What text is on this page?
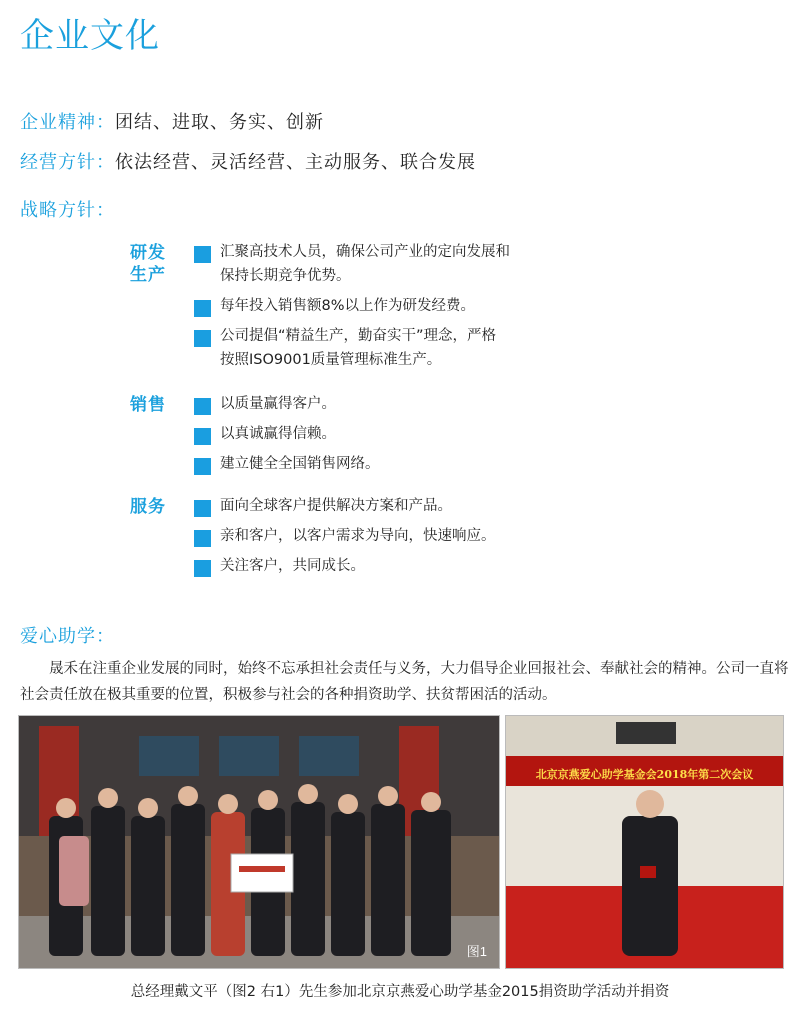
企业文化
企业精神：团结、进取、务实、创新
经营方针：依法经营、灵活经营、主动服务、联合发展
战略方针：
研发生产
汇聚高技术人员，确保公司产业的定向发展和保持长期竞争优势。
每年投入销售额8%以上作为研发经费。
公司提倡“精益生产，勤奋实干”理念，严格按照ISO9001质量管理标准生产。
销售	以质量赢得客户。
以真诚赢得信赖。
建立健全全国销售网络。
服务	面向全球客户提供解决方案和产品。
亲和客户，以客户需求为导向，快速响应。
关注客户，共同成长。
爱心助学：

晟禾在注重企业发展的同时，始终不忘承担社会责任与义务，大力倡导企业回报社会、奉献社会的精神。公司一直将社会责任放在极其重要的位置，积极参与社会的各种捐资助学、扶贫帮困活的活动。

图1
北京京燕爱心助学基金会2018年第二次会议
总经理戴文平（图2 右1）先生参加北京京燕爱心助学基金2015捐资助学活动并捐资
